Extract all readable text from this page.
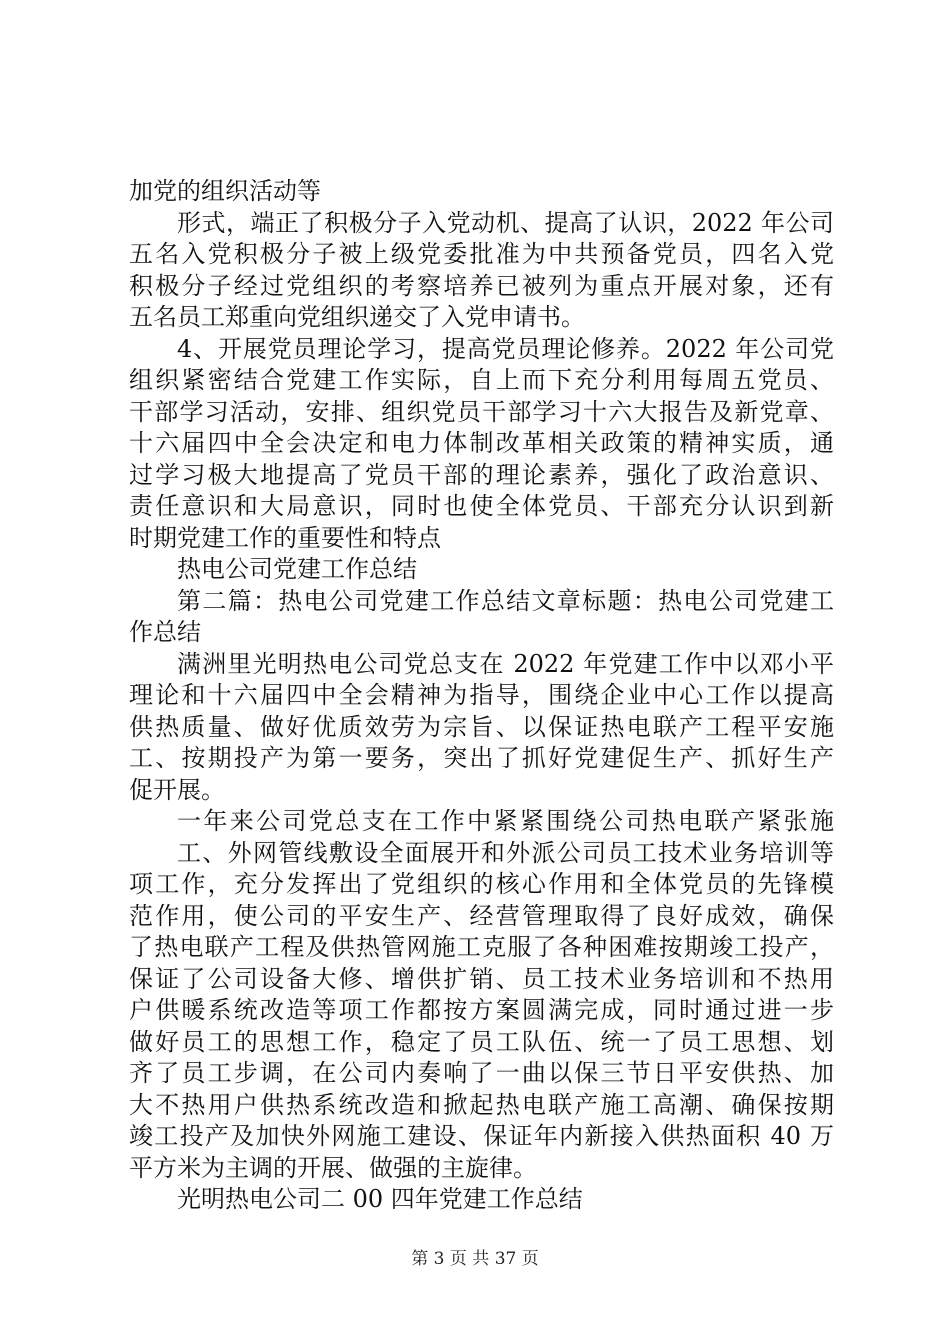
加党的组织活动等
形式，端正了积极分子入党动机、提高了认识，2022 年公司
五名入党积极分子被上级党委批准为中共预备党员，四名入党
积极分子经过党组织的考察培养已被列为重点开展对象，还有
五名员工郑重向党组织递交了入党申请书。
4、开展党员理论学习，提高党员理论修养。2022 年公司党
组织紧密结合党建工作实际，自上而下充分利用每周五党员、
干部学习活动，安排、组织党员干部学习十六大报告及新党章、
十六届四中全会决定和电力体制改革相关政策的精神实质，通
过学习极大地提高了党员干部的理论素养，强化了政治意识、
责任意识和大局意识，同时也使全体党员、干部充分认识到新
时期党建工作的重要性和特点
热电公司党建工作总结
第二篇：热电公司党建工作总结文章标题：热电公司党建工
作总结
满洲里光明热电公司党总支在 2022 年党建工作中以邓小平
理论和十六届四中全会精神为指导，围绕企业中心工作以提高
供热质量、做好优质效劳为宗旨、以保证热电联产工程平安施
工、按期投产为第一要务，突出了抓好党建促生产、抓好生产
促开展。
一年来公司党总支在工作中紧紧围绕公司热电联产紧张施
工、外网管线敷设全面展开和外派公司员工技术业务培训等
项工作，充分发挥出了党组织的核心作用和全体党员的先锋模
范作用，使公司的平安生产、经营管理取得了良好成效，确保
了热电联产工程及供热管网施工克服了各种困难按期竣工投产，
保证了公司设备大修、增供扩销、员工技术业务培训和不热用
户供暖系统改造等项工作都按方案圆满完成，同时通过进一步
做好员工的思想工作，稳定了员工队伍、统一了员工思想、划
齐了员工步调，在公司内奏响了一曲以保三节日平安供热、加
大不热用户供热系统改造和掀起热电联产施工高潮、确保按期
竣工投产及加快外网施工建设、保证年内新接入供热面积 40 万
平方米为主调的开展、做强的主旋律。
光明热电公司二 00 四年党建工作总结
第 3 页 共 37 页
